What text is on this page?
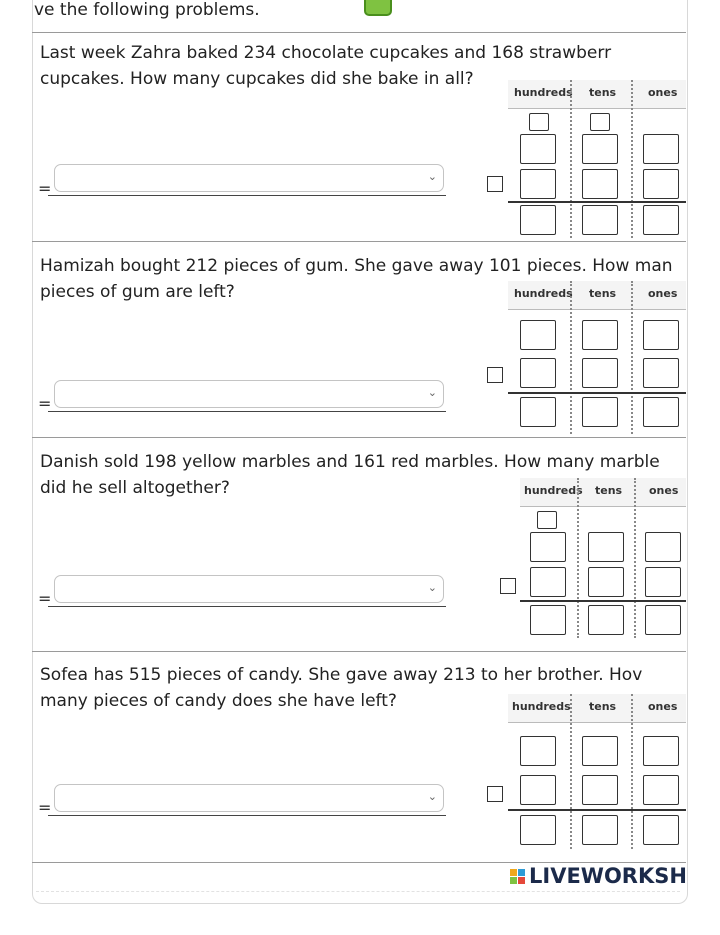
ve the following problems.
Last week Zahra baked 234 chocolate cupcakes and 168 strawberr
cupcakes. How many cupcakes did she bake in all?
=
⌄
hundreds tens	ones
Hamizah bought 212 pieces of gum. She gave away 101 pieces. How man
pieces of gum are left?
=
⌄
hundreds tens	ones
Danish sold 198 yellow marbles and 161 red marbles. How many marble
did he sell altogether?
=
⌄
hundreds tens ones
Sofea has 515 pieces of candy. She gave away 213 to her brother. Hov
many pieces of candy does she have left?
=
⌄
hundreds tens	ones
LIVEWORKSH
